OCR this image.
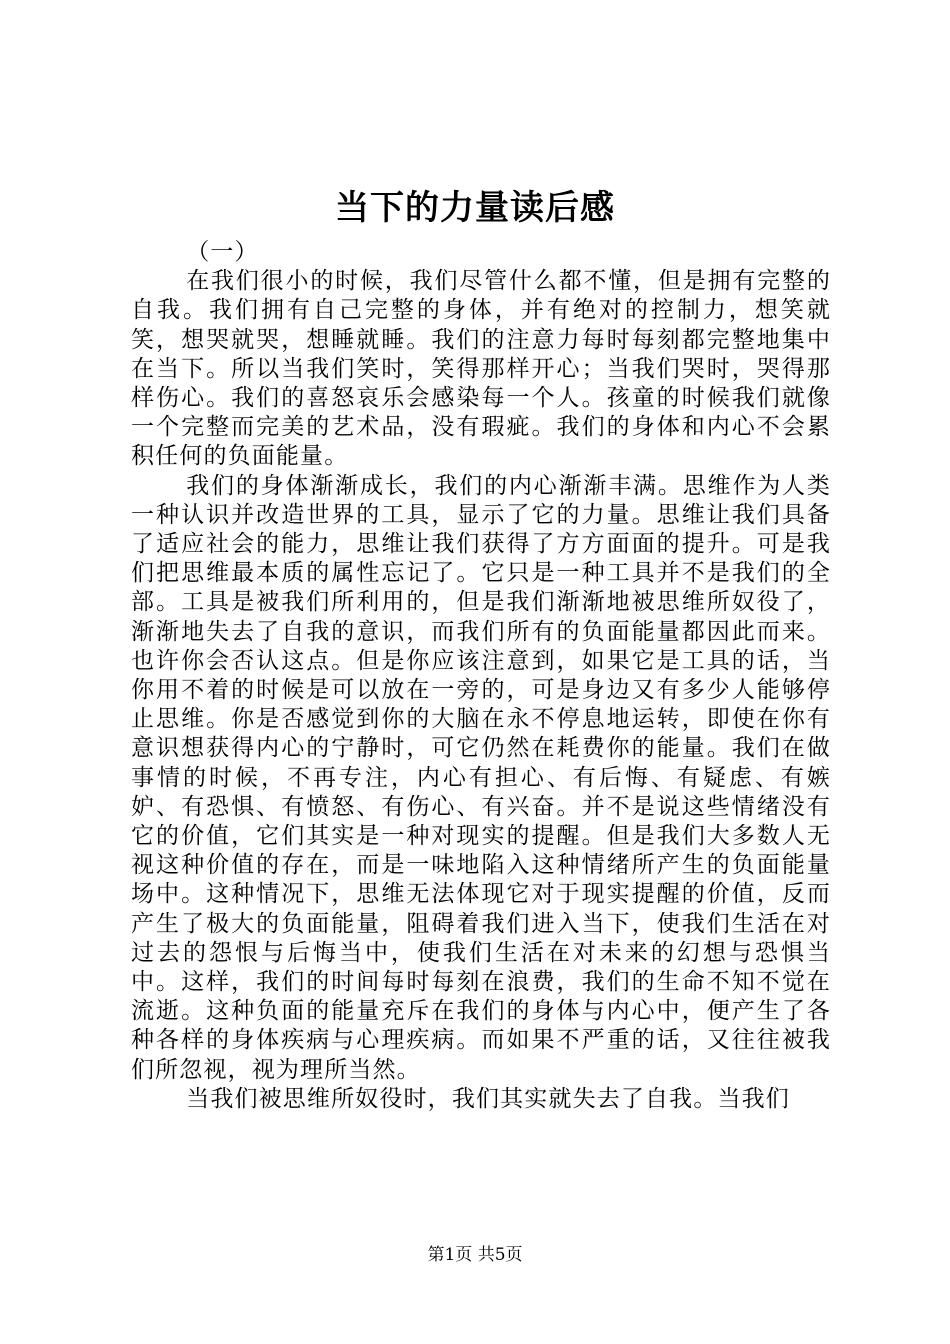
当下的力量读后感

（一）

在我们很小的时候，我们尽管什么都不懂，但是拥有完整的自我。我们拥有自己完整的身体，并有绝对的控制力，想笑就笑，想哭就哭，想睡就睡。我们的注意力每时每刻都完整地集中在当下。所以当我们笑时，笑得那样开心；当我们哭时，哭得那样伤心。我们的喜怒哀乐会感染每一个人。孩童的时候我们就像一个完整而完美的艺术品，没有瑕疵。我们的身体和内心不会累积任何的负面能量。

我们的身体渐渐成长，我们的内心渐渐丰满。思维作为人类一种认识并改造世界的工具，显示了它的力量。思维让我们具备了适应社会的能力，思维让我们获得了方方面面的提升。可是我们把思维最本质的属性忘记了。它只是一种工具并不是我们的全部。工具是被我们所利用的，但是我们渐渐地被思维所奴役了，渐渐地失去了自我的意识，而我们所有的负面能量都因此而来。也许你会否认这点。但是你应该注意到，如果它是工具的话，当你用不着的时候是可以放在一旁的，可是身边又有多少人能够停止思维。你是否感觉到你的大脑在永不停息地运转，即使在你有意识想获得内心的宁静时，可它仍然在耗费你的能量。我们在做事情的时候，不再专注，内心有担心、有后悔、有疑虑、有嫉妒、有恐惧、有愤怒、有伤心、有兴奋。并不是说这些情绪没有它的价值，它们其实是一种对现实的提醒。但是我们大多数人无视这种价值的存在，而是一味地陷入这种情绪所产生的负面能量场中。这种情况下，思维无法体现它对于现实提醒的价值，反而产生了极大的负面能量，阻碍着我们进入当下，使我们生活在对过去的怨恨与后悔当中，使我们生活在对未来的幻想与恐惧当中。这样，我们的时间每时每刻在浪费，我们的生命不知不觉在流逝。这种负面的能量充斥在我们的身体与内心中，便产生了各种各样的身体疾病与心理疾病。而如果不严重的话，又往往被我们所忽视，视为理所当然。

当我们被思维所奴役时，我们其实就失去了自我。当我们

第1页 共5页
